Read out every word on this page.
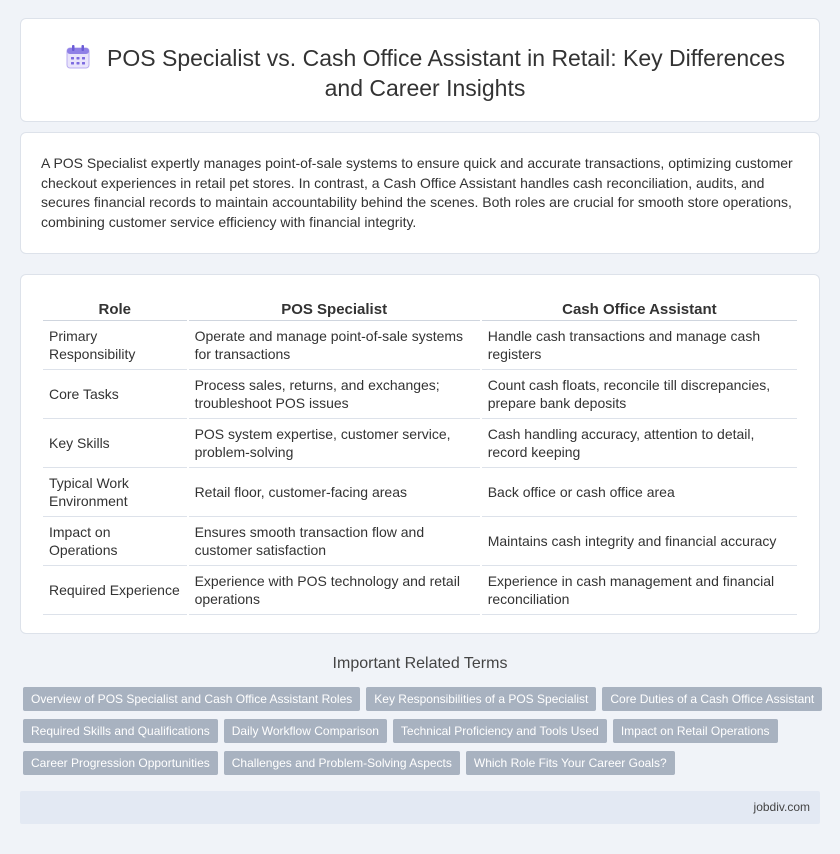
POS Specialist vs. Cash Office Assistant in Retail: Key Differences and Career Insights

A POS Specialist expertly manages point-of-sale systems to ensure quick and accurate transactions, optimizing customer checkout experiences in retail pet stores. In contrast, a Cash Office Assistant handles cash reconciliation, audits, and secures financial records to maintain accountability behind the scenes. Both roles are crucial for smooth store operations, combining customer service efficiency with financial integrity.

Role	POS Specialist	Cash Office Assistant
Primary Responsibility	Operate and manage point-of-sale systems for transactions	Handle cash transactions and manage cash registers
Core Tasks	Process sales, returns, and exchanges; troubleshoot POS issues	Count cash floats, reconcile till discrepancies, prepare bank deposits
Key Skills	POS system expertise, customer service, problem-solving	Cash handling accuracy, attention to detail, record keeping
Typical Work Environment	Retail floor, customer-facing areas	Back office or cash office area
Impact on Operations	Ensures smooth transaction flow and customer satisfaction	Maintains cash integrity and financial accuracy
Required Experience	Experience with POS technology and retail operations	Experience in cash management and financial reconciliation
Important Related Terms
Overview of POS Specialist and Cash Office Assistant Roles	Key Responsibilities of a POS Specialist	Core Duties of a Cash Office Assistant
Required Skills and Qualifications	Daily Workflow Comparison	Technical Proficiency and Tools Used	Impact on Retail Operations
Career Progression Opportunities	Challenges and Problem-Solving Aspects	Which Role Fits Your Career Goals?
jobdiv.com
